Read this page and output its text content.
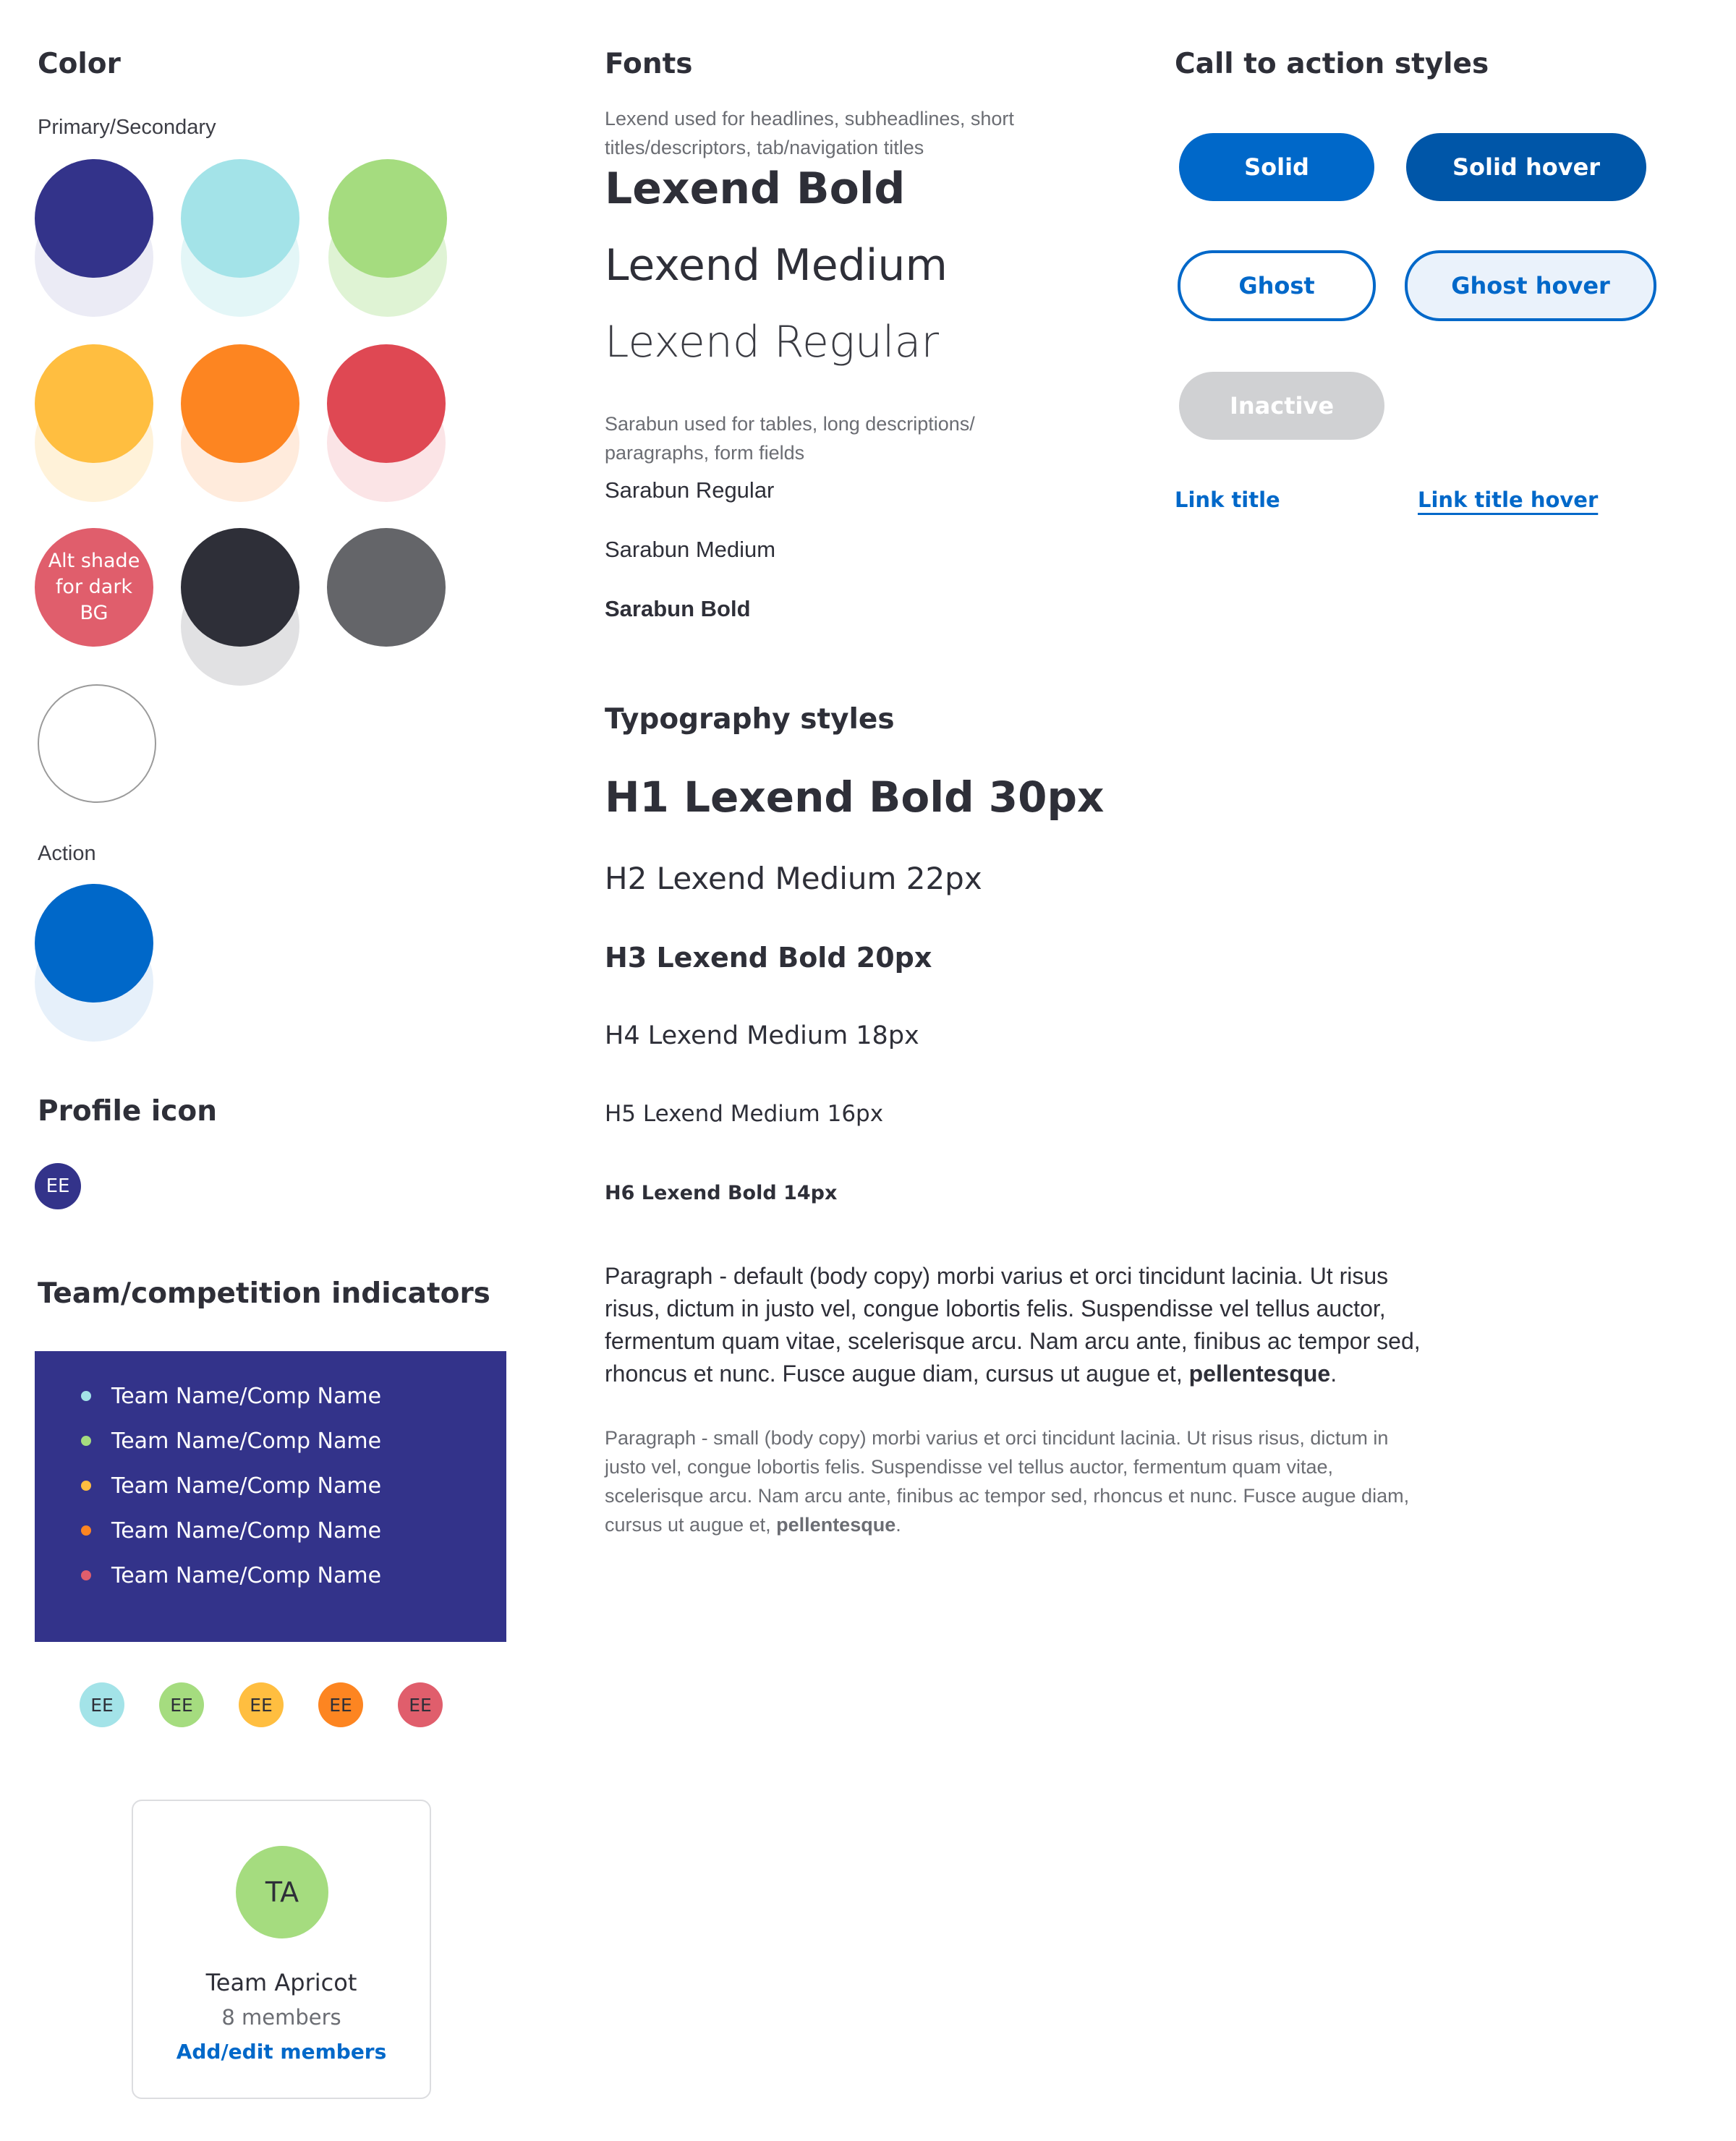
Color
Primary/Secondary
Alt shade for dark BG
Action
Profile icon
EE
Team/competition indicators
Team Name/Comp Name
Team Name/Comp Name
Team Name/Comp Name
Team Name/Comp Name
Team Name/Comp Name
EE	EE	EE	EE	EE
TA
Team Apricot
8 members
Add/edit members
Fonts
Lexend used for headlines, subheadlines, short titles/descriptors, tab/navigation titles
Lexend Bold
Lexend Medium
Lexend Regular
Sarabun used for tables, long descriptions/ paragraphs, form fields
Sarabun Regular
Sarabun Medium
Sarabun Bold
Typography styles
H1 Lexend Bold 30px
H2 Lexend Medium 22px
H3 Lexend Bold 20px
H4 Lexend Medium 18px
H5 Lexend Medium 16px
H6 Lexend Bold 14px
Paragraph - default (body copy) morbi varius et orci tincidunt lacinia. Ut risus risus, dictum in justo vel, congue lobortis felis. Suspendisse vel tellus auctor, fermentum quam vitae, scelerisque arcu. Nam arcu ante, finibus ac tempor sed, rhoncus et nunc. Fusce augue diam, cursus ut augue et, pellentesque.
Paragraph - small (body copy) morbi varius et orci tincidunt lacinia. Ut risus risus, dictum in justo vel, congue lobortis felis. Suspendisse vel tellus auctor, fermentum quam vitae, scelerisque arcu. Nam arcu ante, finibus ac tempor sed, rhoncus et nunc. Fusce augue diam, cursus ut augue et, pellentesque.
Call to action styles
Solid	Solid hover
Ghost	Ghost hover
Inactive
Link title	Link title hover
